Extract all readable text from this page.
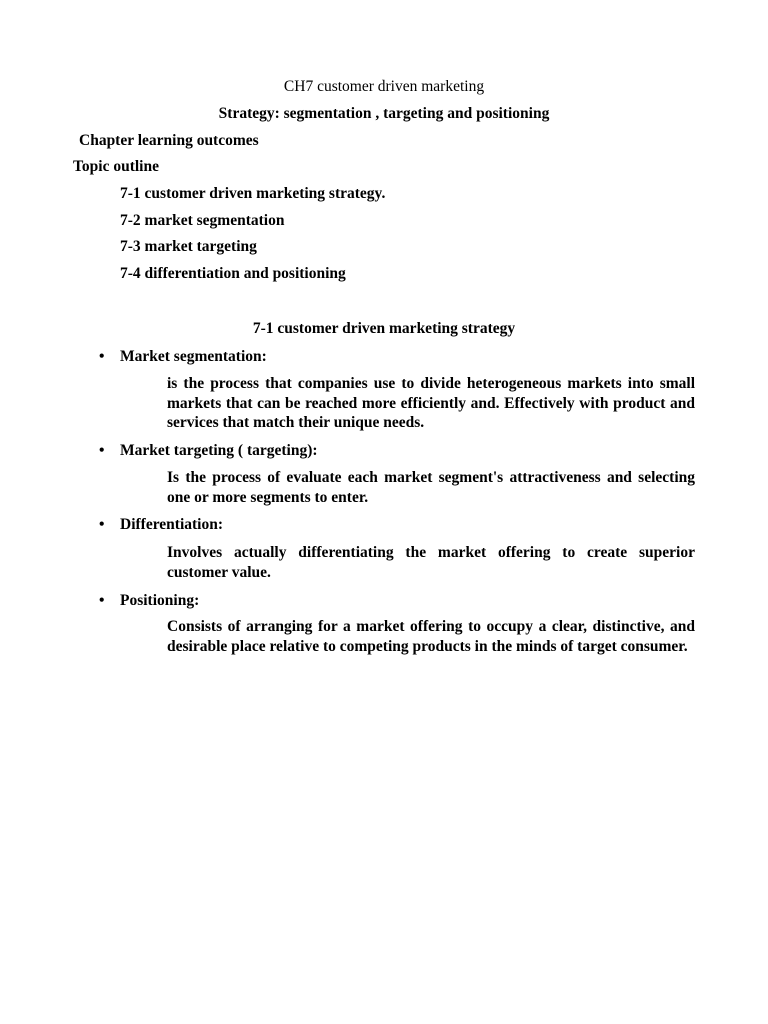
CH7 customer driven marketing
Strategy: segmentation , targeting and positioning
Chapter learning outcomes
Topic outline
7-1 customer driven marketing strategy.
7-2 market segmentation
7-3 market targeting
7-4 differentiation and positioning
7-1 customer driven marketing strategy
• Market segmentation:
is the process that companies use to divide heterogeneous markets into small markets that can be reached more efficiently and. Effectively with product and services that match their unique needs.
• Market targeting ( targeting):
Is the process of evaluate each market segment's attractiveness and selecting one or more segments to enter.
• Differentiation:
Involves actually differentiating the market offering to create superior customer value.
• Positioning:
Consists of arranging for a market offering to occupy a clear, distinctive, and desirable place relative to competing products in the minds of target consumer.
